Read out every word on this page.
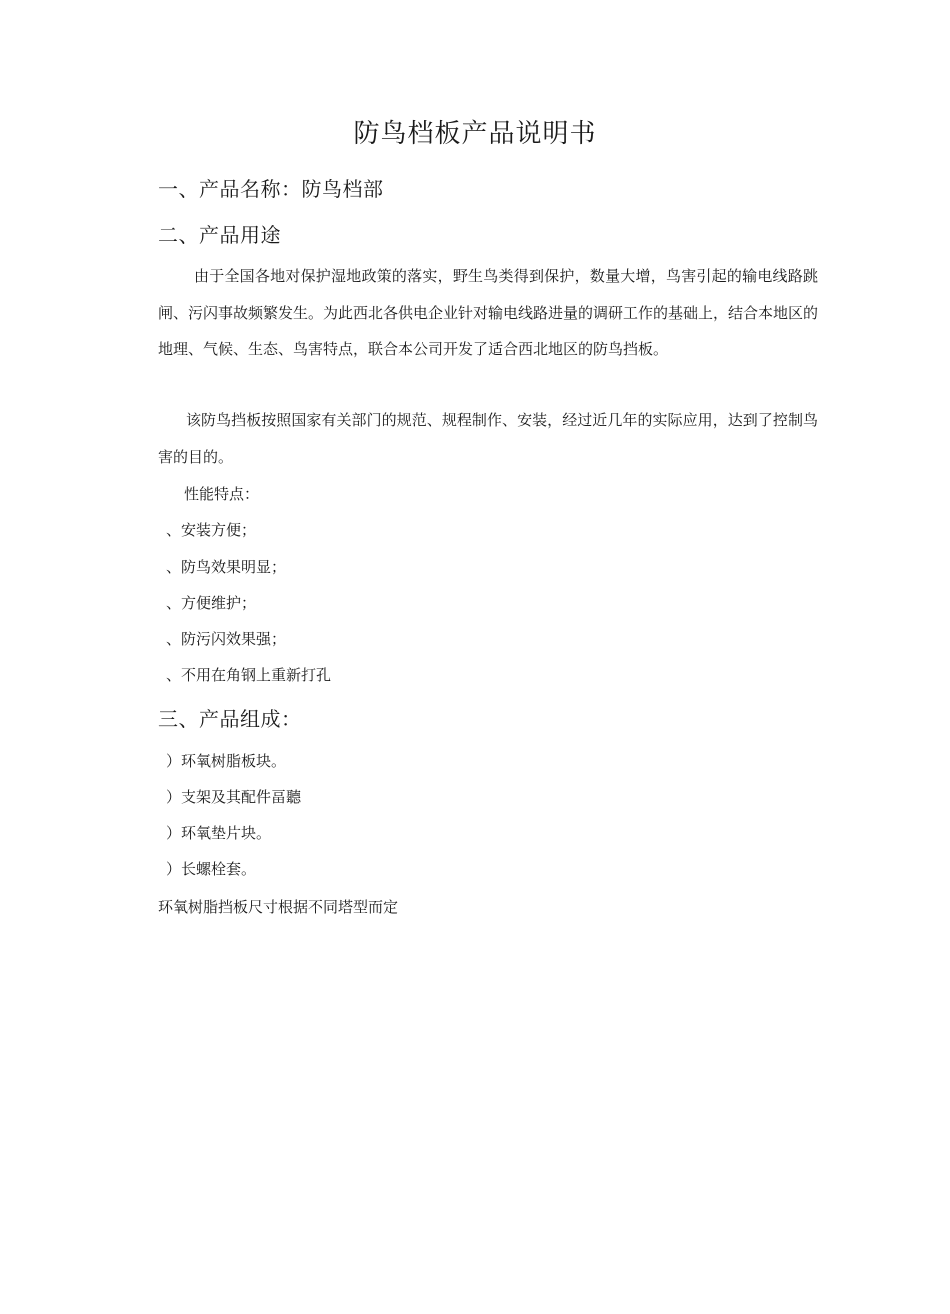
防鸟档板产品说明书
一、产品名称：防鸟档部
二、产品用途
由于全国各地对保护湿地政策的落实，野生鸟类得到保护，数量大增，鸟害引起的输电线路跳闸、污闪事故频繁发生。为此西北各供电企业针对输电线路进量的调研工作的基础上，结合本地区的地理、气候、生态、鸟害特点，联合本公司开发了适合西北地区的防鸟挡板。
该防鸟挡板按照国家有关部门的规范、规程制作、安装，经过近几年的实际应用，达到了控制鸟害的目的。
性能特点：
、安装方便；
、防鸟效果明显；
、方便维护；
、防污闪效果强；
、不用在角钢上重新打孔
三、产品组成：
）环氧树脂板块。
）支架及其配件畐聽
）环氧垫片块。
）长螺栓套。
环氧树脂挡板尺寸根据不同塔型而定
